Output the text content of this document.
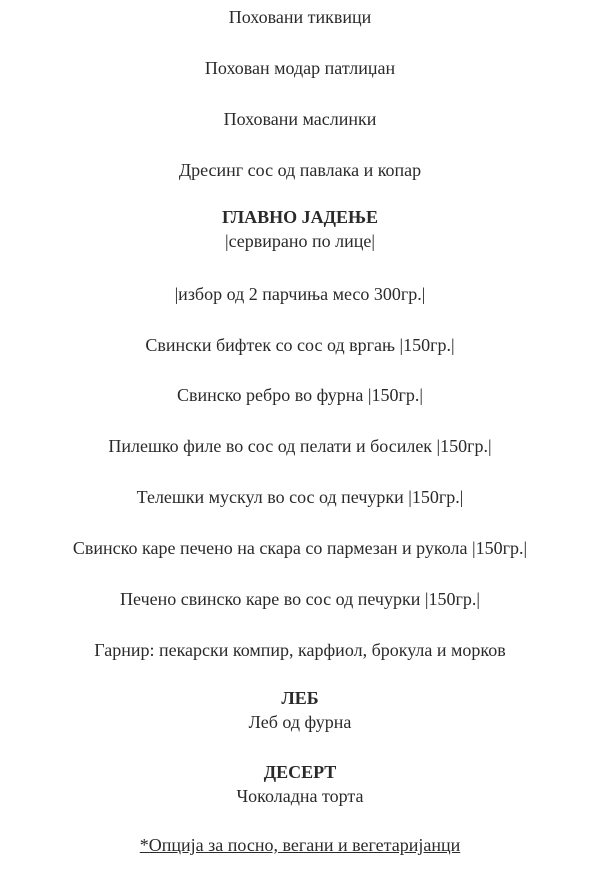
Поховани тиквици
Похован модар патлиџан
Поховани маслинки
Дресинг сос од павлака и копар
ГЛАВНО ЈАДЕЊЕ
|сервирано по лице|
|избор од 2 парчиња месо 300гр.|
Свински бифтек со сос од вргањ |150гр.|
Свинско ребро во фурна |150гр.|
Пилешко филе во сос од пелати и босилек |150гр.|
Телешки мускул во сос од печурки |150гр.|
Свинско каре печено на скара со пармезан и рукола |150гр.|
Печено свинско каре во сос од печурки |150гр.|
Гарнир: пекарски компир, карфиол, брокула и морков
ЛЕБ
Леб од фурна
ДЕСЕРТ
Чоколадна торта
*Опција за посно, вегани и вегетаријанци
